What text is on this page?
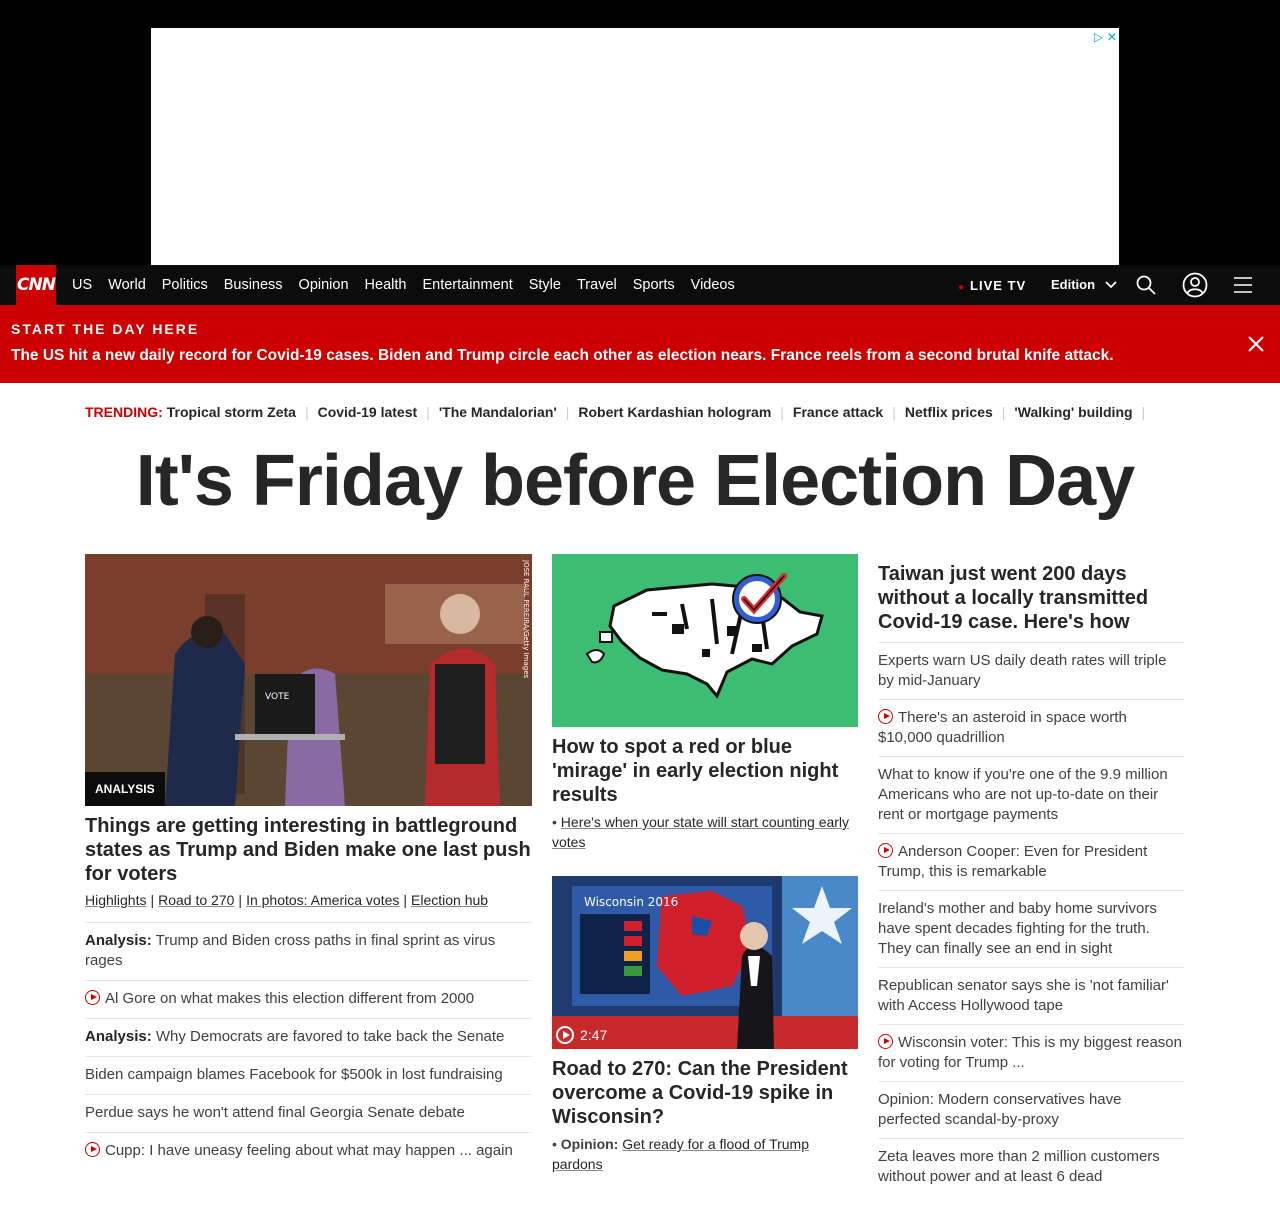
▷ ✕
CNN US World Politics Business Opinion Health Entertainment Style Travel Sports Videos	● LIVE TV	Edition
START THE DAY HERE
The US hit a new daily record for Covid-19 cases. Biden and Trump circle each other as election nears. France reels from a second brutal knife attack.
TRENDING: Tropical storm Zeta | Covid-19 latest | 'The Mandalorian' | Robert Kardashian hologram | France attack | Netflix prices | 'Walking' building |
It's Friday before Election Day
VOTE
JOSE RAUL PEREIRA/Getty Images
ANALYSIS
Things are getting interesting in battleground states as Trump and Biden make one last push for voters
Highlights | Road to 270 | In photos: America votes | Election hub
Analysis: Trump and Biden cross paths in final sprint as virus rages
Al Gore on what makes this election different from 2000
Analysis: Why Democrats are favored to take back the Senate
Biden campaign blames Facebook for $500k in lost fundraising
Perdue says he won't attend final Georgia Senate debate
Cupp: I have uneasy feeling about what may happen ... again
How to spot a red or blue 'mirage' in early election night results
• Here's when your state will start counting early votes
Wisconsin 2016
2:47
Road to 270: Can the President overcome a Covid-19 spike in Wisconsin?
• Opinion: Get ready for a flood of Trump pardons
Taiwan just went 200 days without a locally transmitted Covid-19 case. Here's how
Experts warn US daily death rates will triple by mid-January
There's an asteroid in space worth $10,000 quadrillion
What to know if you're one of the 9.9 million Americans who are not up-to-date on their rent or mortgage payments
Anderson Cooper: Even for President Trump, this is remarkable
Ireland's mother and baby home survivors have spent decades fighting for the truth. They can finally see an end in sight
Republican senator says she is 'not familiar' with Access Hollywood tape
Wisconsin voter: This is my biggest reason for voting for Trump ...
Opinion: Modern conservatives have perfected scandal-by-proxy
Zeta leaves more than 2 million customers without power and at least 6 dead
